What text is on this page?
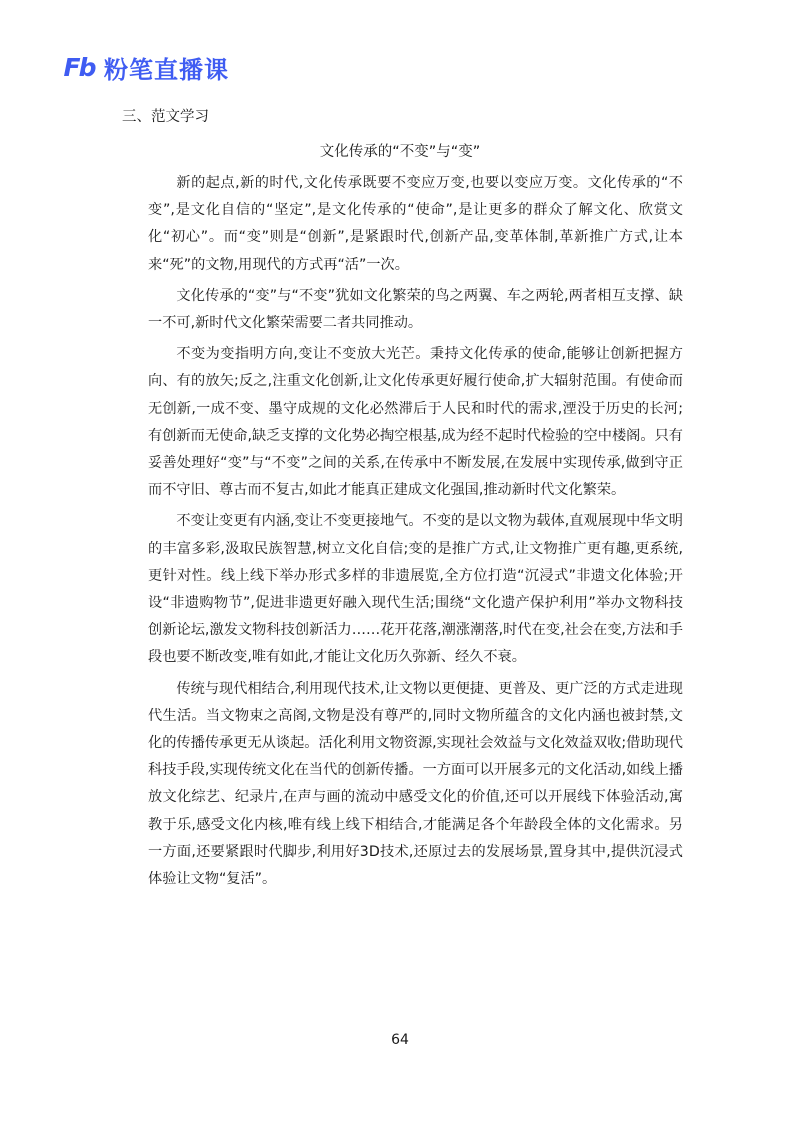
Fb 粉笔直播课
三、范文学习
文化传承的“不变”与“变”

新的起点,新的时代,文化传承既要不变应万变,也要以变应万变。文化传承的“不变”,是文化自信的“坚定”,是文化传承的“使命”,是让更多的群众了解文化、欣赏文化“初心”。而“变”则是“创新”,是紧跟时代,创新产品,变革体制,革新推广方式,让本来“死”的文物,用现代的方式再“活”一次。

文化传承的“变”与“不变”犹如文化繁荣的鸟之两翼、车之两轮,两者相互支撑、缺一不可,新时代文化繁荣需要二者共同推动。

不变为变指明方向,变让不变放大光芒。秉持文化传承的使命,能够让创新把握方向、有的放矢;反之,注重文化创新,让文化传承更好履行使命,扩大辐射范围。有使命而无创新,一成不变、墨守成规的文化必然滞后于人民和时代的需求,湮没于历史的长河;有创新而无使命,缺乏支撑的文化势必掏空根基,成为经不起时代检验的空中楼阁。只有妥善处理好“变”与“不变”之间的关系,在传承中不断发展,在发展中实现传承,做到守正而不守旧、尊古而不复古,如此才能真正建成文化强国,推动新时代文化繁荣。

不变让变更有内涵,变让不变更接地气。不变的是以文物为载体,直观展现中华文明的丰富多彩,汲取民族智慧,树立文化自信;变的是推广方式,让文物推广更有趣,更系统,更针对性。线上线下举办形式多样的非遗展览,全方位打造“沉浸式”非遗文化体验;开设“非遗购物节”,促进非遗更好融入现代生活;围绕“文化遗产保护利用”举办文物科技创新论坛,激发文物科技创新活力……花开花落,潮涨潮落,时代在变,社会在变,方法和手段也要不断改变,唯有如此,才能让文化历久弥新、经久不衰。

传统与现代相结合,利用现代技术,让文物以更便捷、更普及、更广泛的方式走进现代生活。当文物束之高阁,文物是没有尊严的,同时文物所蕴含的文化内涵也被封禁,文化的传播传承更无从谈起。活化利用文物资源,实现社会效益与文化效益双收;借助现代科技手段,实现传统文化在当代的创新传播。一方面可以开展多元的文化活动,如线上播放文化综艺、纪录片,在声与画的流动中感受文化的价值,还可以开展线下体验活动,寓教于乐,感受文化内核,唯有线上线下相结合,才能满足各个年龄段全体的文化需求。另一方面,还要紧跟时代脚步,利用好3D技术,还原过去的发展场景,置身其中,提供沉浸式体验让文物“复活”。

64
